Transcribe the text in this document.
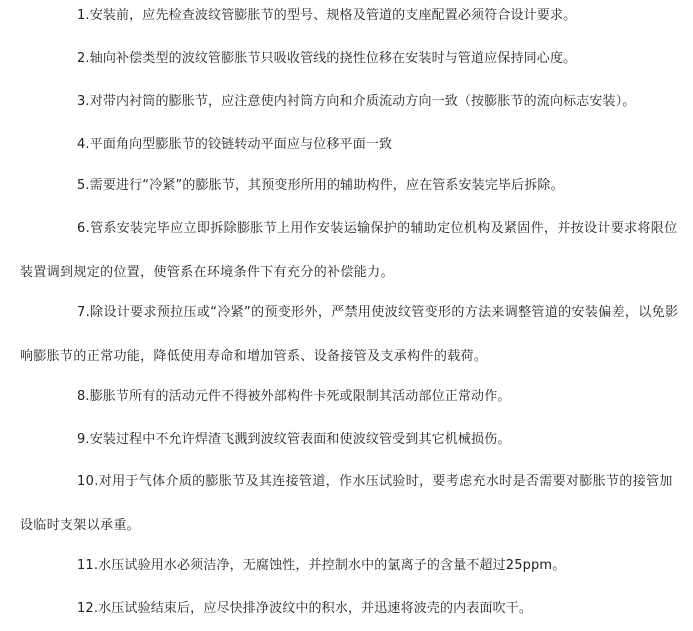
1.安装前，应先检查波纹管膨胀节的型号、规格及管道的支座配置必须符合设计要求。

2.轴向补偿类型的波纹管膨胀节只吸收管线的挠性位移在安装时与管道应保持同心度。

3.对带内衬筒的膨胀节，应注意使内衬筒方向和介质流动方向一致（按膨胀节的流向标志安装）。

4.平面角向型膨胀节的铰链转动平面应与位移平面一致

5.需要进行“冷紧”的膨胀节，其预变形所用的辅助构件，应在管系安装完毕后拆除。

6.管系安装完毕应立即拆除膨胀节上用作安装运输保护的辅助定位机构及紧固件，并按设计要求将限位装置调到规定的位置，使管系在环境条件下有充分的补偿能力。

7.除设计要求预拉压或“冷紧”的预变形外，严禁用使波纹管变形的方法来调整管道的安装偏差，以免影响膨胀节的正常功能，降低使用寿命和增加管系、设备接管及支承构件的载荷。

8.膨胀节所有的活动元件不得被外部构件卡死或限制其活动部位正常动作。

9.安装过程中不允许焊渣飞溅到波纹管表面和使波纹管受到其它机械损伤。

10.对用于气体介质的膨胀节及其连接管道，作水压试验时，要考虑充水时是否需要对膨胀节的接管加设临时支架以承重。

11.水压试验用水必须洁净，无腐蚀性，并控制水中的氯离子的含量不超过25ppm。

12.水压试验结束后，应尽快排净波纹中的积水，并迅速将波壳的内表面吹干。
